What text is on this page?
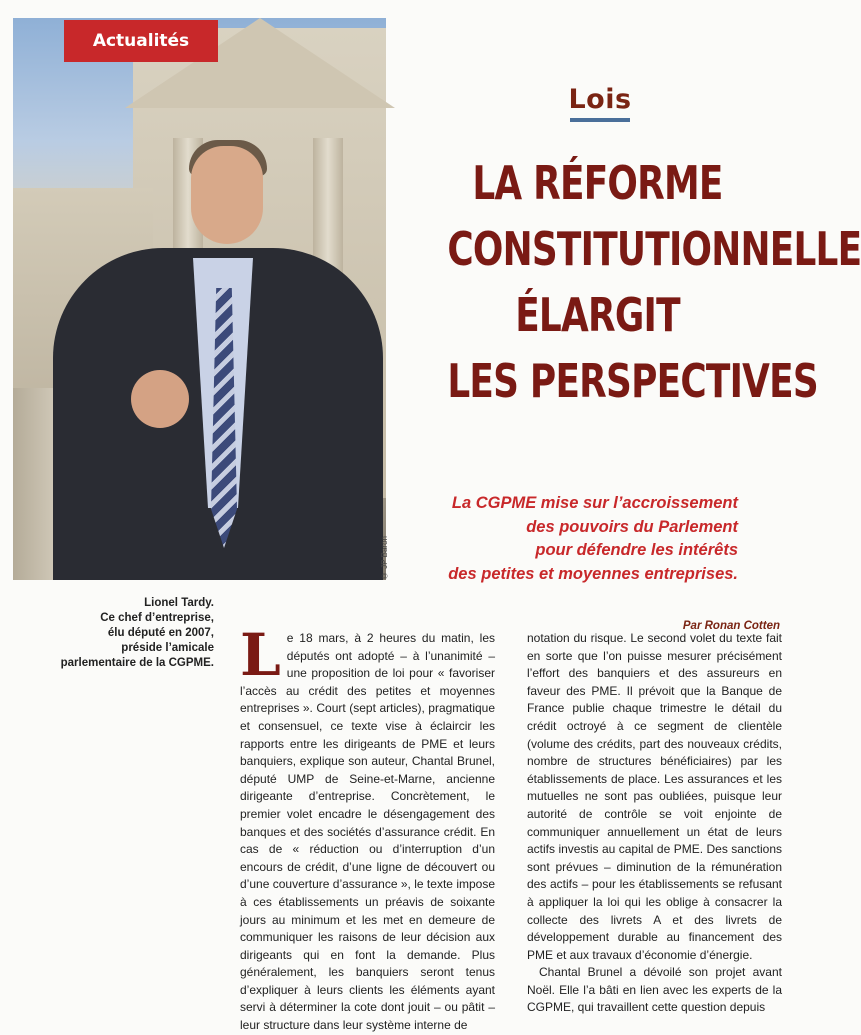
Actualités
© JP Baron
Lionel Tardy.
Ce chef d’entreprise,
élu député en 2007,
préside l’amicale
parlementaire de la CGPME.
Lois
LA RÉFORME
CONSTITUTIONNELLE
ÉLARGIT
LES PERSPECTIVES
La CGPME mise sur l’accroissement
des pouvoirs du Parlement
pour défendre les intérêts
des petites et moyennes entreprises.
Par Ronan Cotten
L e 18 mars, à 2 heures du matin, les députés ont adopté – à l’unanimité – une proposition de loi pour « favoriser l’accès au crédit des petites et moyennes entreprises ». Court (sept articles), pragmatique et consensuel, ce texte vise à éclaircir les rapports entre les dirigeants de PME et leurs banquiers, explique son auteur, Chantal Brunel, député UMP de Seine-et-Marne, ancienne dirigeante d’entreprise. Concrètement, le premier volet encadre le désengagement des banques et des sociétés d’assurance crédit. En cas de « réduction ou d’interruption d’un encours de crédit, d’une ligne de découvert ou d’une couverture d’assurance », le texte impose à ces établissements un préavis de soixante jours au minimum et les met en demeure de communiquer les raisons de leur décision aux dirigeants qui en font la demande. Plus généralement, les banquiers seront tenus d’expliquer à leurs clients les éléments ayant servi à déterminer la cote dont jouit – ou pâtit – leur structure dans leur système interne de

notation du risque. Le second volet du texte fait en sorte que l’on puisse mesurer précisément l’effort des banquiers et des assureurs en faveur des PME. Il prévoit que la Banque de France publie chaque trimestre le détail du crédit octroyé à ce segment de clientèle (volume des crédits, part des nouveaux crédits, nombre de structures bénéficiaires) par les établissements de place. Les assurances et les mutuelles ne sont pas oubliées, puisque leur autorité de contrôle se voit enjointe de communiquer annuellement un état de leurs actifs investis au capital de PME. Des sanctions sont prévues – diminution de la rémunération des actifs – pour les établissements se refusant à appliquer la loi qui les oblige à consacrer la collecte des livrets A et des livrets de développement durable au financement des PME et aux travaux d’économie d’énergie.

Chantal Brunel a dévoilé son projet avant Noël. Elle l’a bâti en lien avec les experts de la CGPME, qui travaillent cette question depuis
